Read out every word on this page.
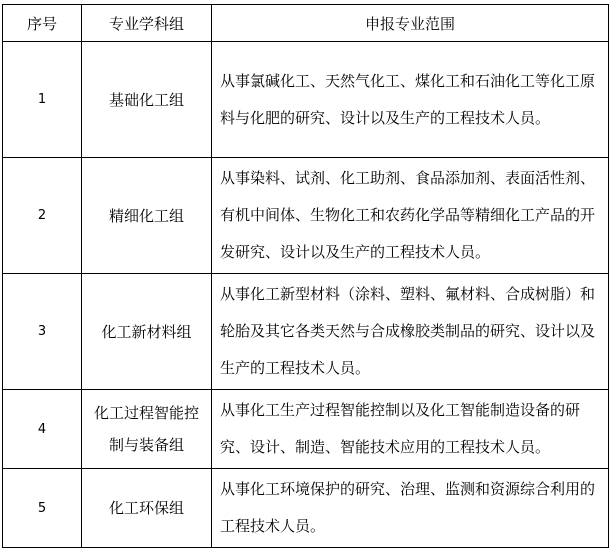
序号	专业学科组	申报专业范围
1	基础化工组	从事氯碱化工、天然气化工、煤化工和石油化工等化工原料与化肥的研究、设计以及生产的工程技术人员。
2	精细化工组	从事染料、试剂、化工助剂、食品添加剂、表面活性剂、有机中间体、生物化工和农药化学品等精细化工产品的开发研究、设计以及生产的工程技术人员。
3	化工新材料组	从事化工新型材料（涂料、塑料、氟材料、合成树脂）和轮胎及其它各类天然与合成橡胶类制品的研究、设计以及生产的工程技术人员。
4	化工过程智能控制与装备组	从事化工生产过程智能控制以及化工智能制造设备的研究、设计、制造、智能技术应用的工程技术人员。
5	化工环保组	从事化工环境保护的研究、治理、监测和资源综合利用的工程技术人员。
